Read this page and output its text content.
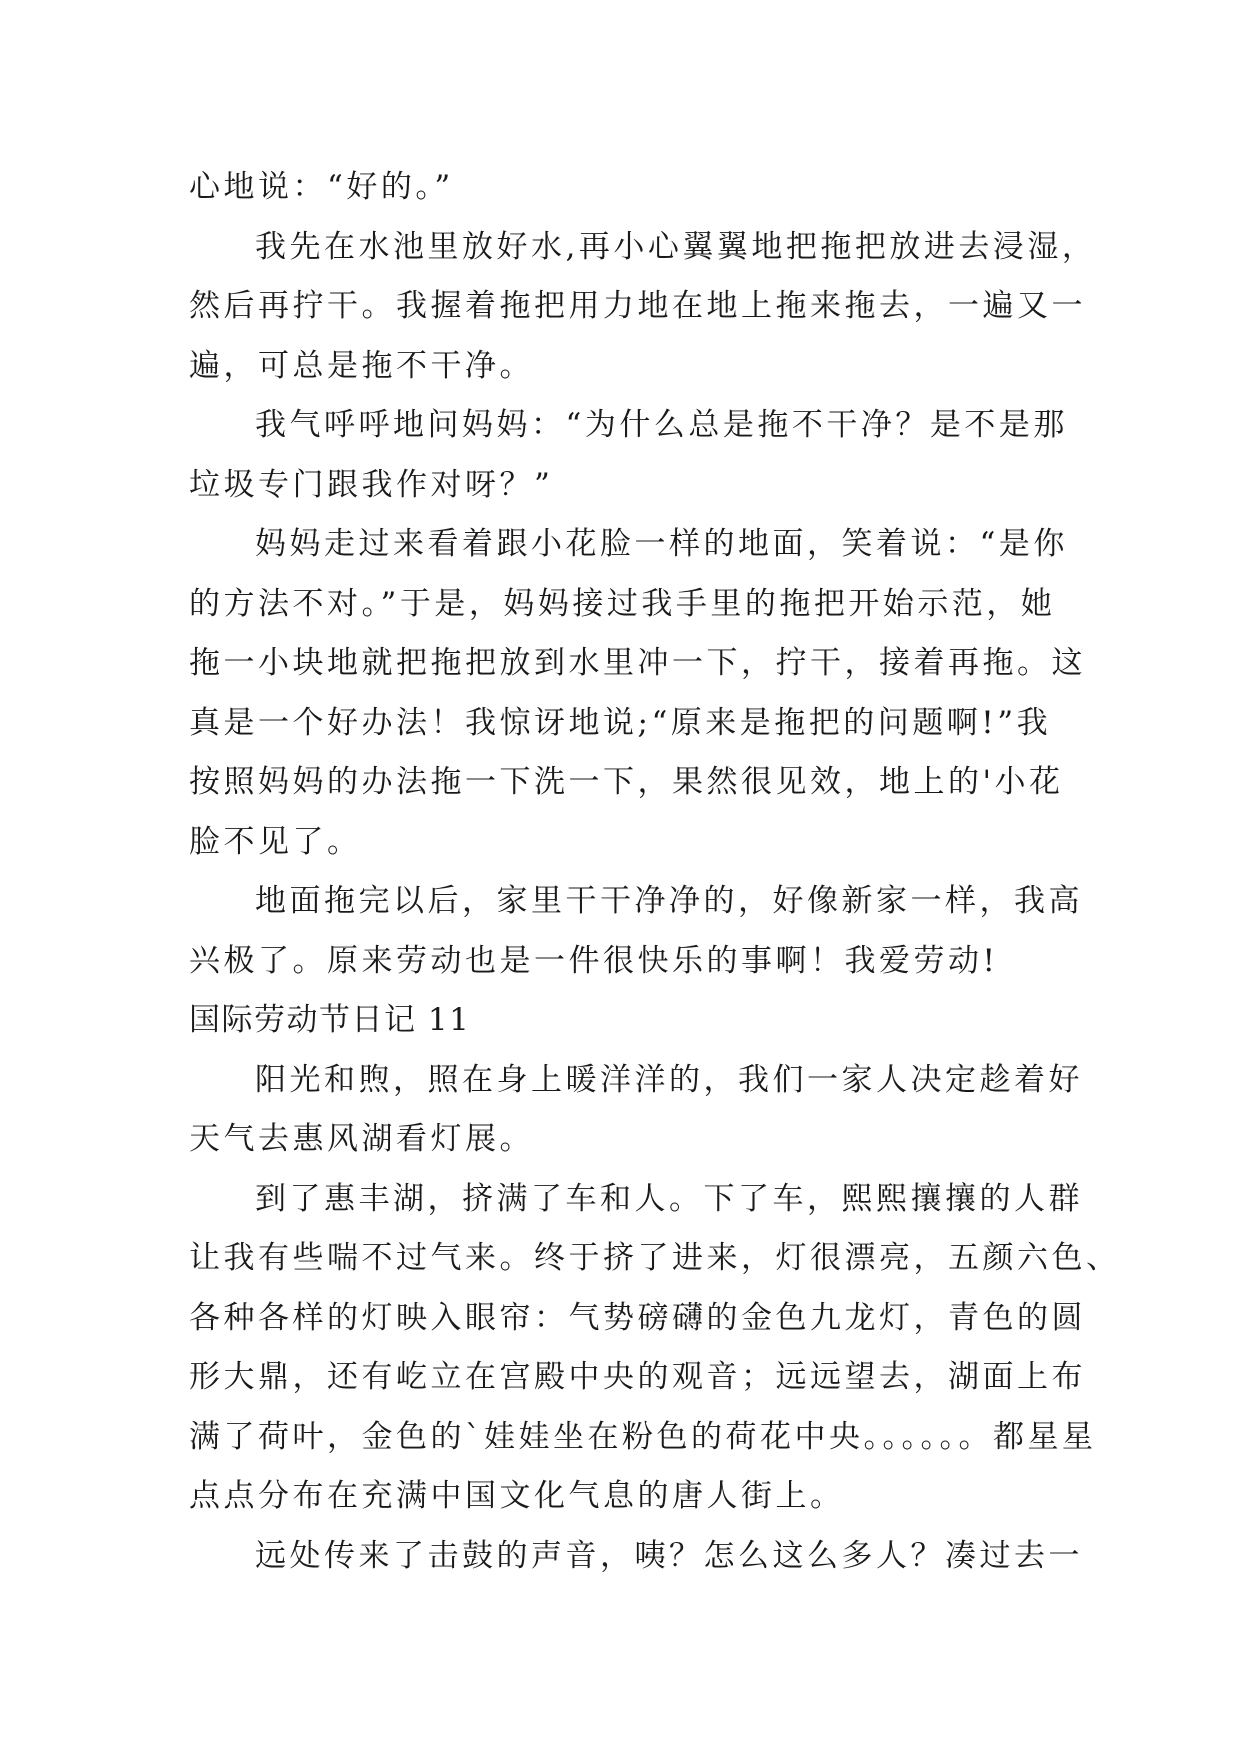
心地说：“好的。”
我先在水池里放好水,再小心翼翼地把拖把放进去浸湿，
然后再拧干。我握着拖把用力地在地上拖来拖去，一遍又一
遍，可总是拖不干净。
我气呼呼地问妈妈：“为什么总是拖不干净？是不是那
垃圾专门跟我作对呀？”
妈妈走过来看着跟小花脸一样的地面，笑着说：“是你
的方法不对。”于是，妈妈接过我手里的拖把开始示范，她
拖一小块地就把拖把放到水里冲一下，拧干，接着再拖。这
真是一个好办法！我惊讶地说;“原来是拖把的问题啊!”我
按照妈妈的办法拖一下洗一下，果然很见效，地上的'小花
脸不见了。
地面拖完以后，家里干干净净的，好像新家一样，我高
兴极了。原来劳动也是一件很快乐的事啊！我爱劳动!
国际劳动节日记 11
阳光和煦，照在身上暖洋洋的，我们一家人决定趁着好
天气去惠风湖看灯展。
到了惠丰湖，挤满了车和人。下了车，熙熙攘攘的人群
让我有些喘不过气来。终于挤了进来，灯很漂亮，五颜六色、
各种各样的灯映入眼帘：气势磅礴的金色九龙灯，青色的圆
形大鼎，还有屹立在宫殿中央的观音；远远望去，湖面上布
满了荷叶，金色的`娃娃坐在粉色的荷花中央。。。。。。都星星
点点分布在充满中国文化气息的唐人街上。
远处传来了击鼓的声音，咦？怎么这么多人？凑过去一
